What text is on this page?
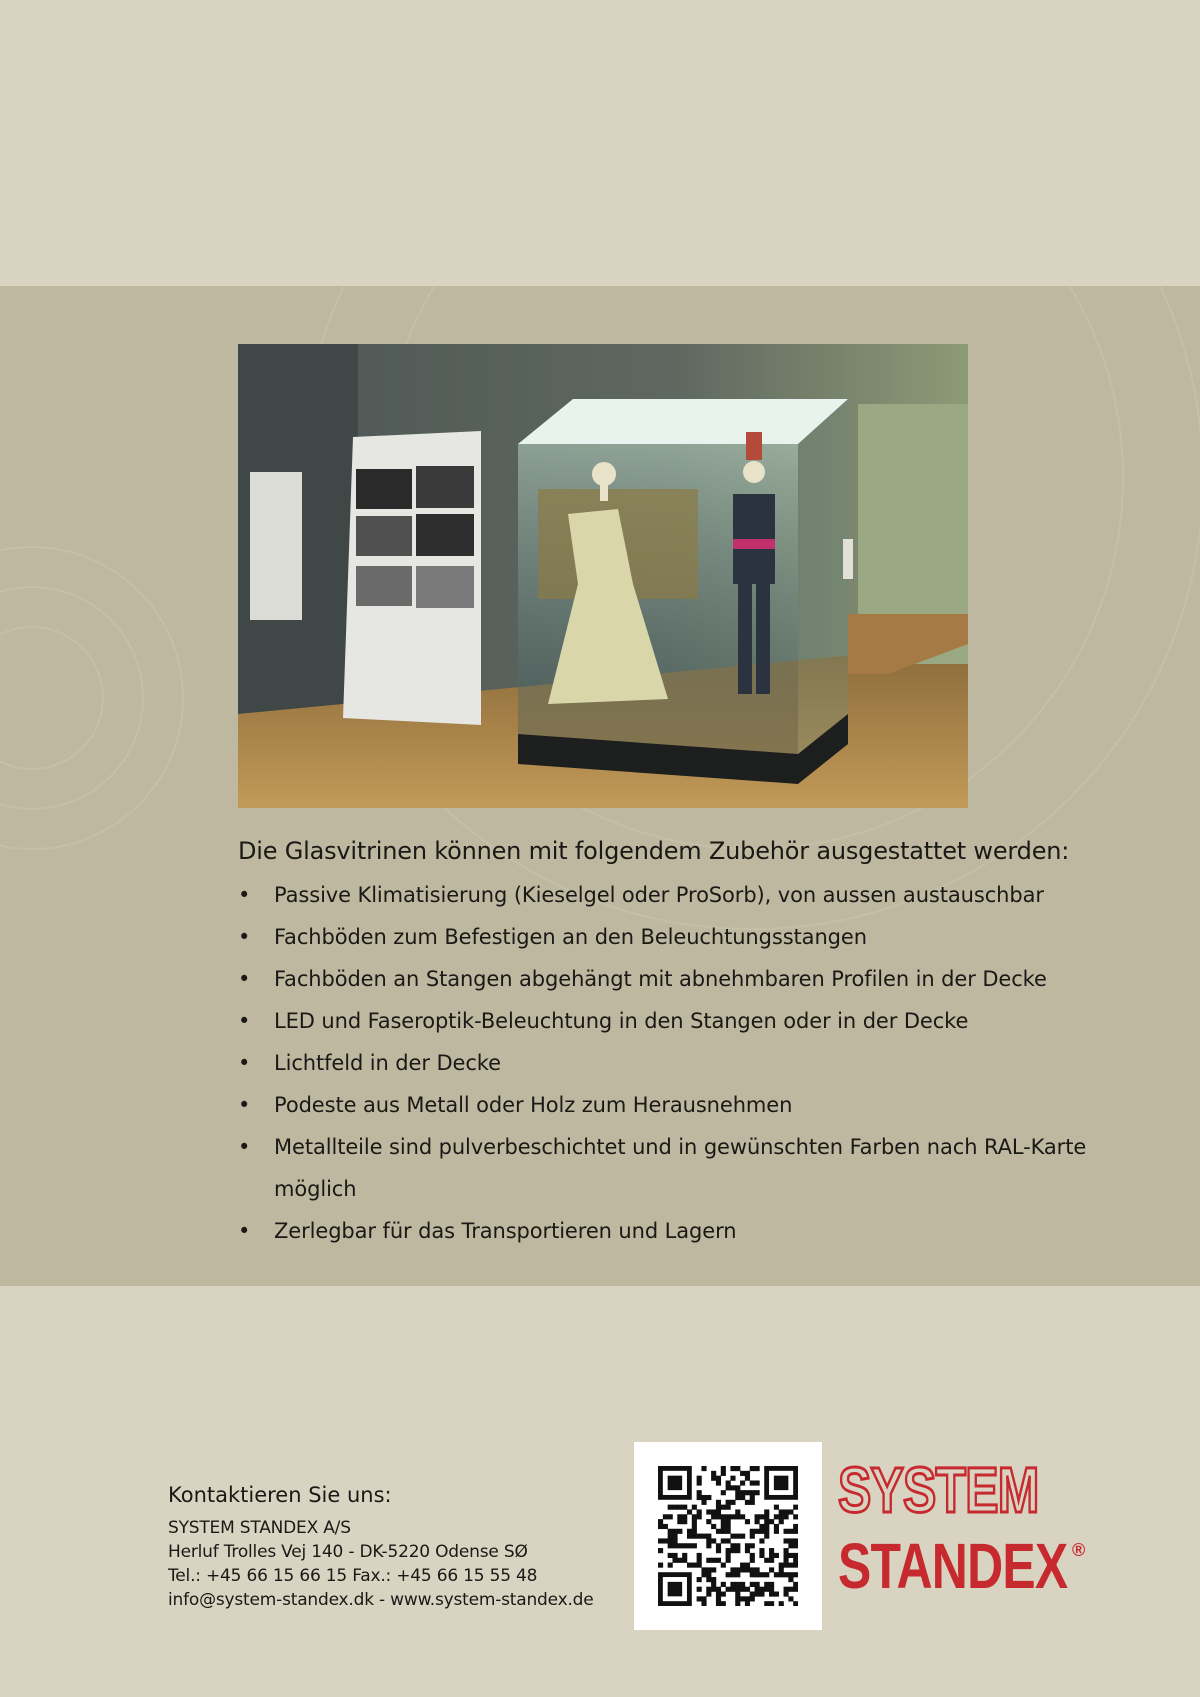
Die Glasvitrinen können mit folgendem Zubehör ausgestattet werden:
• Passive Klimatisierung (Kieselgel oder ProSorb), von aussen austauschbar
• Fachböden zum Befestigen an den Beleuchtungsstangen
• Fachböden an Stangen abgehängt mit abnehmbaren Profilen in der Decke
• LED und Faseroptik-Beleuchtung in den Stangen oder in der Decke
• Lichtfeld in der Decke
• Podeste aus Metall oder Holz zum Herausnehmen
• Metallteile sind pulverbeschichtet und in gewünschten Farben nach RAL-Karte möglich
• Zerlegbar für das Transportieren und Lagern
Kontaktieren Sie uns:
SYSTEM STANDEX A/S
Herluf Trolles Vej 140 - DK-5220 Odense SØ
Tel.: +45 66 15 66 15 Fax.: +45 66 15 55 48
info@system-standex.dk - www.system-standex.de
SYSTEM
STANDEX ®
